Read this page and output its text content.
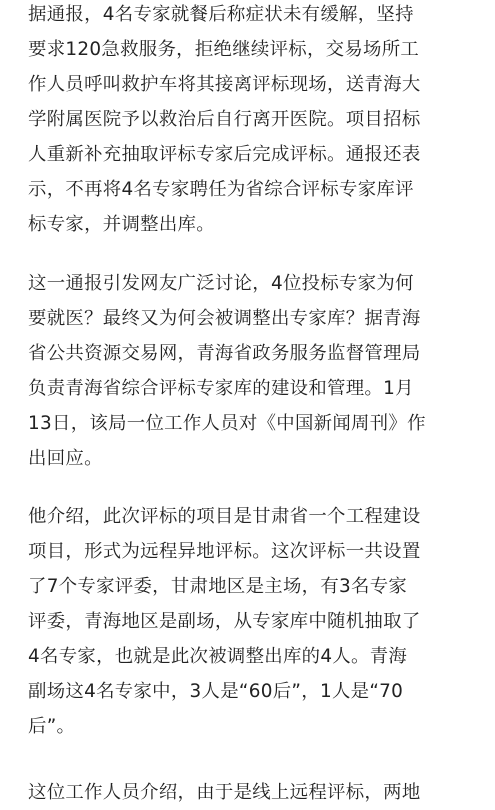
据通报，4名专家就餐后称症状未有缓解，坚持
要求120急救服务，拒绝继续评标，交易场所工
作人员呼叫救护车将其接离评标现场，送青海大
学附属医院予以救治后自行离开医院。项目招标
人重新补充抽取评标专家后完成评标。通报还表
示，不再将4名专家聘任为省综合评标专家库评
标专家，并调整出库。
这一通报引发网友广泛讨论，4位投标专家为何
要就医？最终又为何会被调整出专家库？据青海
省公共资源交易网，青海省政务服务监督管理局
负责青海省综合评标专家库的建设和管理。1月
13日，该局一位工作人员对《中国新闻周刊》作
出回应。
他介绍，此次评标的项目是甘肃省一个工程建设
项目，形式为远程异地评标。这次评标一共设置
了7个专家评委，甘肃地区是主场，有3名专家
评委，青海地区是副场，从专家库中随机抽取了
4名专家，也就是此次被调整出库的4人。青海
副场这4名专家中，3人是“60后”，1人是“70
后”。
这位工作人员介绍，由于是线上远程评标，两地
